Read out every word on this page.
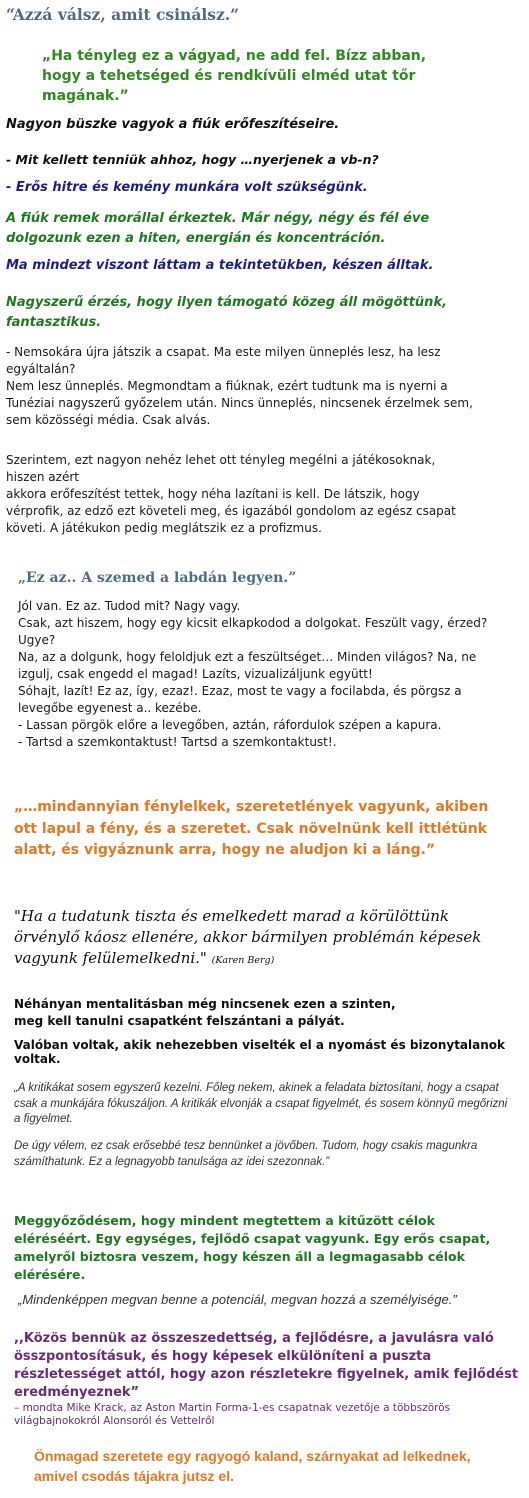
“Azzá válsz, amit csinálsz.”

„Ha tényleg ez a vágyad, ne add fel. Bízz abban, hogy a tehetséged és rendkívüli elméd utat tőr magának.”

Nagyon büszke vagyok a fiúk erőfeszítéseire.

- Mit kellett tenniük ahhoz, hogy …nyerjenek a vb-n?

- Erős hitre és kemény munkára volt szükségünk.

A fiúk remek morállal érkeztek. Már négy, négy és fél éve dolgozunk ezen a hiten, energián és koncentráción.

Ma mindezt viszont láttam a tekintetükben, készen álltak.

Nagyszerű érzés, hogy ilyen támogató közeg áll mögöttünk, fantasztikus.

- Nemsokára újra játszik a csapat. Ma este milyen ünneplés lesz, ha lesz egyáltalán?
Nem lesz ünneplés. Megmondtam a fiúknak, ezért tudtunk ma is nyerni a Tunéziai nagyszerű győzelem után. Nincs ünneplés, nincsenek érzelmek sem, sem közösségi média. Csak alvás.

Szerintem, ezt nagyon nehéz lehet ott tényleg megélni a játékosoknak, hiszen azért
akkora erőfeszítést tettek, hogy néha lazítani is kell. De látszik, hogy vérprofik, az edző ezt követeli meg, és igazából gondolom az egész csapat követi. A játékukon pedig meglátszik ez a profizmus.

„Ez az.. A szemed a labdán legyen.”

Jól van. Ez az. Tudod mit? Nagy vagy.
Csak, azt hiszem, hogy egy kicsit elkapkodod a dolgokat. Feszült vagy, érzed? Ugye?
Na, az a dolgunk, hogy feloldjuk ezt a feszültséget… Minden világos? Na, ne izgulj, csak engedd el magad! Lazíts, vizualizáljunk együtt!
Sóhajt, lazít! Ez az, így, ezaz!. Ezaz, most te vagy a focilabda, és pörgsz a levegőbe egyenest a.. kezébe.
- Lassan pörgök előre a levegőben, aztán, ráfordulok szépen a kapura.
- Tartsd a szemkontaktust! Tartsd a szemkontaktust!.

„…mindannyian fénylelkek, szeretetlények vagyunk, akiben ott lapul a fény, és a szeretet. Csak növelnünk kell ittlétünk alatt, és vigyáznunk arra, hogy ne aludjon ki a láng.”

"Ha a tudatunk tiszta és emelkedett marad a körülöttünk örvénylő káosz ellenére, akkor bármilyen problémán képesek vagyunk felülemelkedni." (Karen Berg)

Néhányan mentalitásban még nincsenek ezen a szinten,
meg kell tanulni csapatként felszántani a pályát.

Valóban voltak, akik nehezebben viselték el a nyomást és bizonytalanok voltak.

„A kritikákat sosem egyszerű kezelni. Főleg nekem, akinek a feladata biztosítani, hogy a csapat csak a munkájára fókuszáljon. A kritikák elvonják a csapat figyelmét, és sosem könnyű megőrizni a figyelmet.

De úgy vélem, ez csak erősebbé tesz bennünket a jövőben. Tudom, hogy csakis magunkra számíthatunk. Ez a legnagyobb tanulsága az idei szezonnak.”

Meggyőződésem, hogy mindent megtettem a kitűzött célok eléréséért. Egy egységes, fejlődő csapat vagyunk. Egy erős csapat, amelyről biztosra veszem, hogy készen áll a legmagasabb célok elérésére.

„Mindenképpen megvan benne a potenciál, megvan hozzá a személyisége.”

,,Közös bennük az összeszedettség, a fejlődésre, a javulásra való összpontosításuk, és hogy képesek elkülöníteni a puszta részletességet attól, hogy azon részletekre figyelnek, amik fejlődést eredményeznek”

– mondta Mike Krack, az Aston Martin Forma-1-es csapatnak vezetője a többszörös világbajnokokról Alonsoról és Vettelről

Önmagad szeretete egy ragyogó kaland, szárnyakat ad lelkednek, amivel csodás tájakra jutsz el.
